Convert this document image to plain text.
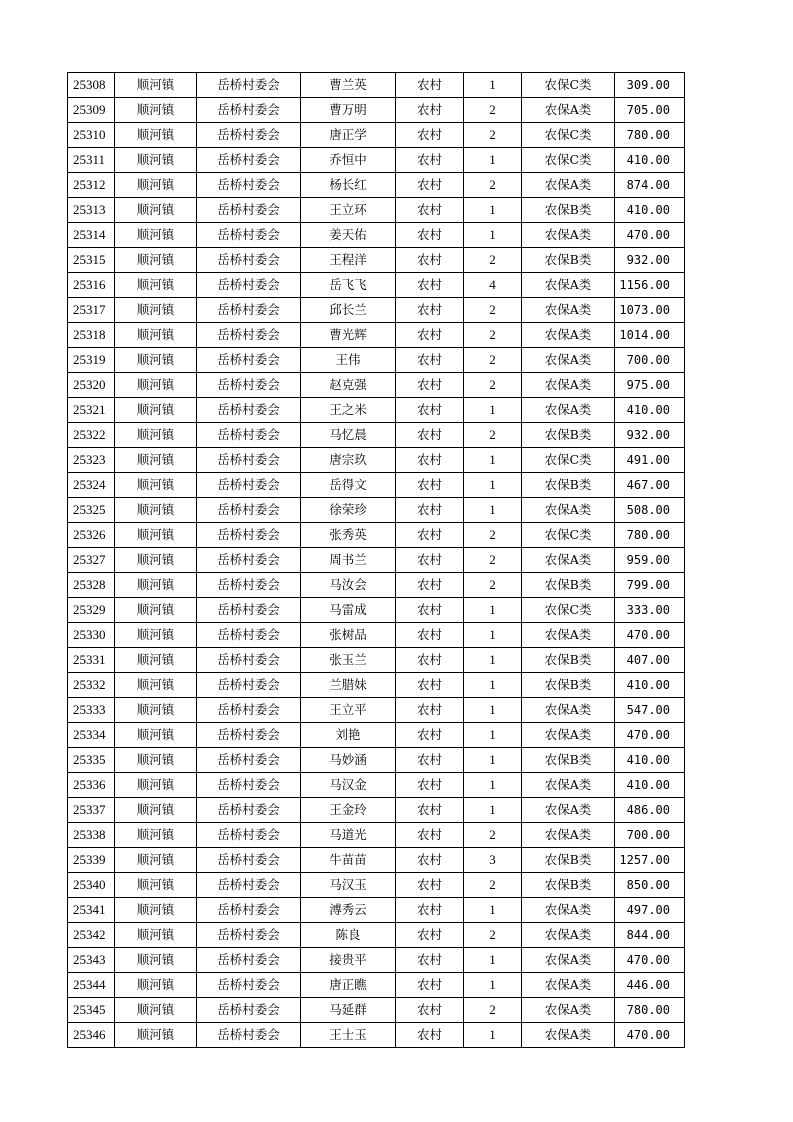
25308	顺河镇	岳桥村委会	曹兰英	农村	1	农保C类	309.00
25309	顺河镇	岳桥村委会	曹万明	农村	2	农保A类	705.00
25310	顺河镇	岳桥村委会	唐正学	农村	2	农保C类	780.00
25311	顺河镇	岳桥村委会	乔恒中	农村	1	农保C类	410.00
25312	顺河镇	岳桥村委会	杨长红	农村	2	农保A类	874.00
25313	顺河镇	岳桥村委会	王立环	农村	1	农保B类	410.00
25314	顺河镇	岳桥村委会	姜天佑	农村	1	农保A类	470.00
25315	顺河镇	岳桥村委会	王程洋	农村	2	农保B类	932.00
25316	顺河镇	岳桥村委会	岳飞飞	农村	4	农保A类	1156.00
25317	顺河镇	岳桥村委会	邱长兰	农村	2	农保A类	1073.00
25318	顺河镇	岳桥村委会	曹光辉	农村	2	农保A类	1014.00
25319	顺河镇	岳桥村委会	王伟	农村	2	农保A类	700.00
25320	顺河镇	岳桥村委会	赵克强	农村	2	农保A类	975.00
25321	顺河镇	岳桥村委会	王之米	农村	1	农保A类	410.00
25322	顺河镇	岳桥村委会	马忆晨	农村	2	农保B类	932.00
25323	顺河镇	岳桥村委会	唐宗玖	农村	1	农保C类	491.00
25324	顺河镇	岳桥村委会	岳得文	农村	1	农保B类	467.00
25325	顺河镇	岳桥村委会	徐荣珍	农村	1	农保A类	508.00
25326	顺河镇	岳桥村委会	张秀英	农村	2	农保C类	780.00
25327	顺河镇	岳桥村委会	周书兰	农村	2	农保A类	959.00
25328	顺河镇	岳桥村委会	马汝会	农村	2	农保B类	799.00
25329	顺河镇	岳桥村委会	马雷成	农村	1	农保C类	333.00
25330	顺河镇	岳桥村委会	张树品	农村	1	农保A类	470.00
25331	顺河镇	岳桥村委会	张玉兰	农村	1	农保B类	407.00
25332	顺河镇	岳桥村委会	兰腊妹	农村	1	农保B类	410.00
25333	顺河镇	岳桥村委会	王立平	农村	1	农保A类	547.00
25334	顺河镇	岳桥村委会	刘艳	农村	1	农保A类	470.00
25335	顺河镇	岳桥村委会	马妙涵	农村	1	农保B类	410.00
25336	顺河镇	岳桥村委会	马汉金	农村	1	农保A类	410.00
25337	顺河镇	岳桥村委会	王金玲	农村	1	农保A类	486.00
25338	顺河镇	岳桥村委会	马道光	农村	2	农保A类	700.00
25339	顺河镇	岳桥村委会	牛苗苗	农村	3	农保B类	1257.00
25340	顺河镇	岳桥村委会	马汉玉	农村	2	农保B类	850.00
25341	顺河镇	岳桥村委会	溥秀云	农村	1	农保A类	497.00
25342	顺河镇	岳桥村委会	陈良	农村	2	农保A类	844.00
25343	顺河镇	岳桥村委会	接贵平	农村	1	农保A类	470.00
25344	顺河镇	岳桥村委会	唐正瞧	农村	1	农保A类	446.00
25345	顺河镇	岳桥村委会	马延群	农村	2	农保A类	780.00
25346	顺河镇	岳桥村委会	王士玉	农村	1	农保A类	470.00
